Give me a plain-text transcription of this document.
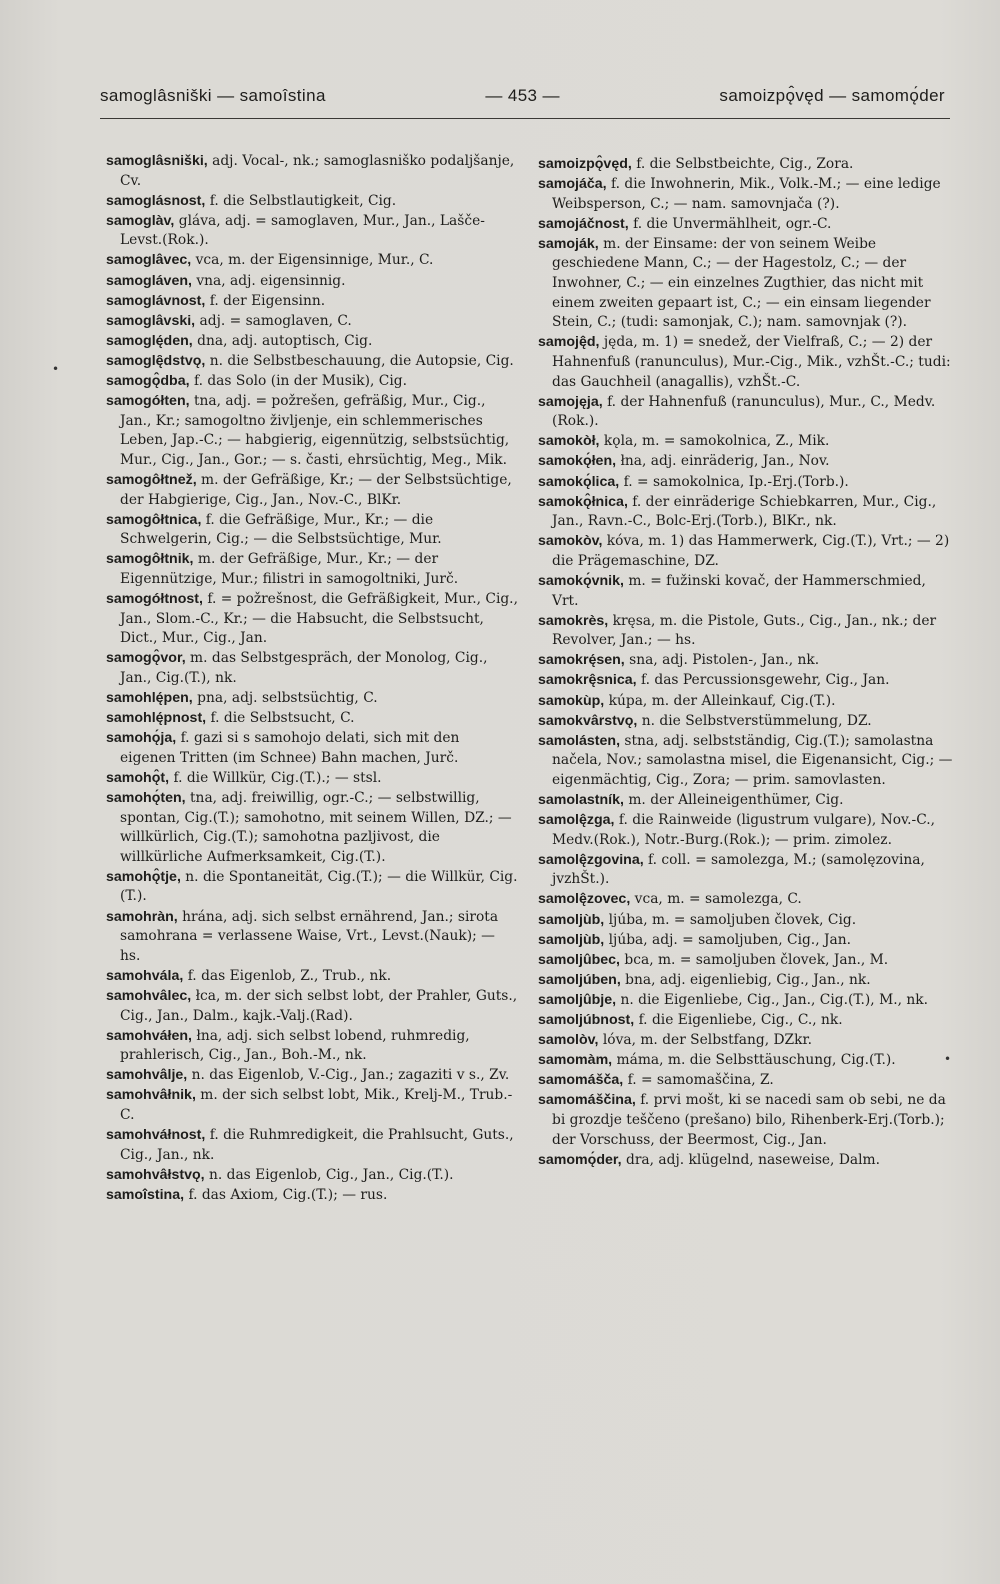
samoglâsniški — samoîstina	— 453 —	samoizpǫ̂vęd — samomǫ́der

samoglâsniški, adj. Vocal-, nk.; samoglasniško podaljšanje, Cv.

samoglásnost, f. die Selbstlautigkeit, Cig.

samoglàv, gláva, adj. = samoglaven, Mur., Jan., Lašče-Levst.(Rok.).

samoglâvec, vca, m. der Eigensinnige, Mur., C.

samogláven, vna, adj. eigensinnig.

samoglávnost, f. der Eigensinn.

samoglâvski, adj. = samoglaven, C.

samoglę́den, dna, adj. autoptisch, Cig.

samoglę̑dstvǫ, n. die Selbstbeschauung, die Autopsie, Cig.

samogǫ̂dba, f. das Solo (in der Musik), Cig.

samogółten, tna, adj. = požrešen, gefräßig, Mur., Cig., Jan., Kr.; samogoltno življenje, ein schlemmerisches Leben, Jap.-C.; — habgierig, eigennützig, selbstsüchtig, Mur., Cig., Jan., Gor.; — s. časti, ehrsüchtig, Meg., Mik.

samogôłtnež, m. der Gefräßige, Kr.; — der Selbstsüchtige, der Habgierige, Cig., Jan., Nov.-C., BlKr.

samogôłtnica, f. die Gefräßige, Mur., Kr.; — die Schwelgerin, Cig.; — die Selbstsüchtige, Mur.

samogôłtnik, m. der Gefräßige, Mur., Kr.; — der Eigennützige, Mur.; filistri in samogoltniki, Jurč.

samogółtnost, f. = požrešnost, die Gefräßigkeit, Mur., Cig., Jan., Slom.-C., Kr.; — die Habsucht, die Selbstsucht, Dict., Mur., Cig., Jan.

samogǫ̂vor, m. das Selbstgespräch, der Monolog, Cig., Jan., Cig.(T.), nk.

samohlę́pen, pna, adj. selbstsüchtig, C.

samohlę́pnost, f. die Selbstsucht, C.

samohǫ́ja, f. gazi si s samohojo delati, sich mit den eigenen Tritten (im Schnee) Bahn machen, Jurč.

samohǫ̂t, f. die Willkür, Cig.(T.).; — stsl.

samohǫ́ten, tna, adj. freiwillig, ogr.-C.; — selbstwillig, spontan, Cig.(T.); samohotno, mit seinem Willen, DZ.; — willkürlich, Cig.(T.); samohotna pazljivost, die willkürliche Aufmerksamkeit, Cig.(T.).

samohǫ̂tje, n. die Spontaneität, Cig.(T.); — die Willkür, Cig.(T.).

samohràn, hrána, adj. sich selbst ernährend, Jan.; sirota samohrana = verlassene Waise, Vrt., Levst.(Nauk); — hs.

samohvála, f. das Eigenlob, Z., Trub., nk.

samohvâlec, łca, m. der sich selbst lobt, der Prahler, Guts., Cig., Jan., Dalm., kajk.-Valj.(Rad).

samohváłen, łna, adj. sich selbst lobend, ruhmredig, prahlerisch, Cig., Jan., Boh.-M., nk.

samohvâlje, n. das Eigenlob, V.-Cig., Jan.; zagaziti v s., Zv.

samohvâłnik, m. der sich selbst lobt, Mik., Krelj-M., Trub.-C.

samohváłnost, f. die Ruhmredigkeit, die Prahlsucht, Guts., Cig., Jan., nk.

samohvâłstvǫ, n. das Eigenlob, Cig., Jan., Cig.(T.).

samoîstina, f. das Axiom, Cig.(T.); — rus.

samoizpǫ̂vęd, f. die Selbstbeichte, Cig., Zora.

samojáča, f. die Inwohnerin, Mik., Volk.-M.; — eine ledige Weibsperson, C.; — nam. samovnjača (?).

samojáčnost, f. die Unvermählheit, ogr.-C.

samoják, m. der Einsame: der von seinem Weibe geschiedene Mann, C.; — der Hagestolz, C.; — der Inwohner, C.; — ein einzelnes Zugthier, das nicht mit einem zweiten gepaart ist, C.; — ein einsam liegender Stein, C.; (tudi: samonjak, C.); nam. samovnjak (?).

samoję̂d, jęda, m. 1) = snedež, der Vielfraß, C.; — 2) der Hahnenfuß (ranunculus), Mur.-Cig., Mik., vzhŠt.-C.; tudi: das Gauchheil (anagallis), vzhŠt.-C.

samojęja, f. der Hahnenfuß (ranunculus), Mur., C., Medv.(Rok.).

samokòł, kǫla, m. = samokolnica, Z., Mik.

samokǫ́łen, łna, adj. einräderig, Jan., Nov.

samokǫ́lica, f. = samokolnica, Ip.-Erj.(Torb.).

samokǫ̂łnica, f. der einräderige Schiebkarren, Mur., Cig., Jan., Ravn.-C., Bolc-Erj.(Torb.), BlKr., nk.

samokòv, kóva, m. 1) das Hammerwerk, Cig.(T.), Vrt.; — 2) die Prägemaschine, DZ.

samokǫ́vnik, m. = fužinski kovač, der Hammerschmied, Vrt.

samokrès, kręsa, m. die Pistole, Guts., Cig., Jan., nk.; der Revolver, Jan.; — hs.

samokrę́sen, sna, adj. Pistolen-, Jan., nk.

samokrę̂snica, f. das Percussionsgewehr, Cig., Jan.

samokùp, kúpa, m. der Alleinkauf, Cig.(T.).

samokvârstvǫ, n. die Selbstverstümmelung, DZ.

samolásten, stna, adj. selbstständig, Cig.(T.); samolastna načela, Nov.; samolastna misel, die Eigenansicht, Cig.; — eigenmächtig, Cig., Zora; — prim. samovlasten.

samolastník, m. der Alleineigenthümer, Cig.

samolę̂zga, f. die Rainweide (ligustrum vulgare), Nov.-C., Medv.(Rok.), Notr.-Burg.(Rok.); — prim. zimolez.

samolę̂zgovina, f. coll. = samolezga, M.; (samolęzovina, jvzhŠt.).

samolę̂zovec, vca, m. = samolezga, C.

samoljùb, ljúba, m. = samoljuben človek, Cig.

samoljùb, ljúba, adj. = samoljuben, Cig., Jan.

samoljûbec, bca, m. = samoljuben človek, Jan., M.

samoljúben, bna, adj. eigenliebig, Cig., Jan., nk.

samoljûbje, n. die Eigenliebe, Cig., Jan., Cig.(T.), M., nk.

samoljúbnost, f. die Eigenliebe, Cig., C., nk.

samolòv, lóva, m. der Selbstfang, DZkr.

samomàm, máma, m. die Selbsttäuschung, Cig.(T.).

samomášča, f. = samomaščina, Z.

samomáščina, f. prvi mošt, ki se nacedi sam ob sebi, ne da bi grozdje teščeno (prešano) bilo, Rihenberk-Erj.(Torb.); der Vorschuss, der Beermost, Cig., Jan.

samomǫ́der, dra, adj. klügelnd, naseweise, Dalm.

•
•
